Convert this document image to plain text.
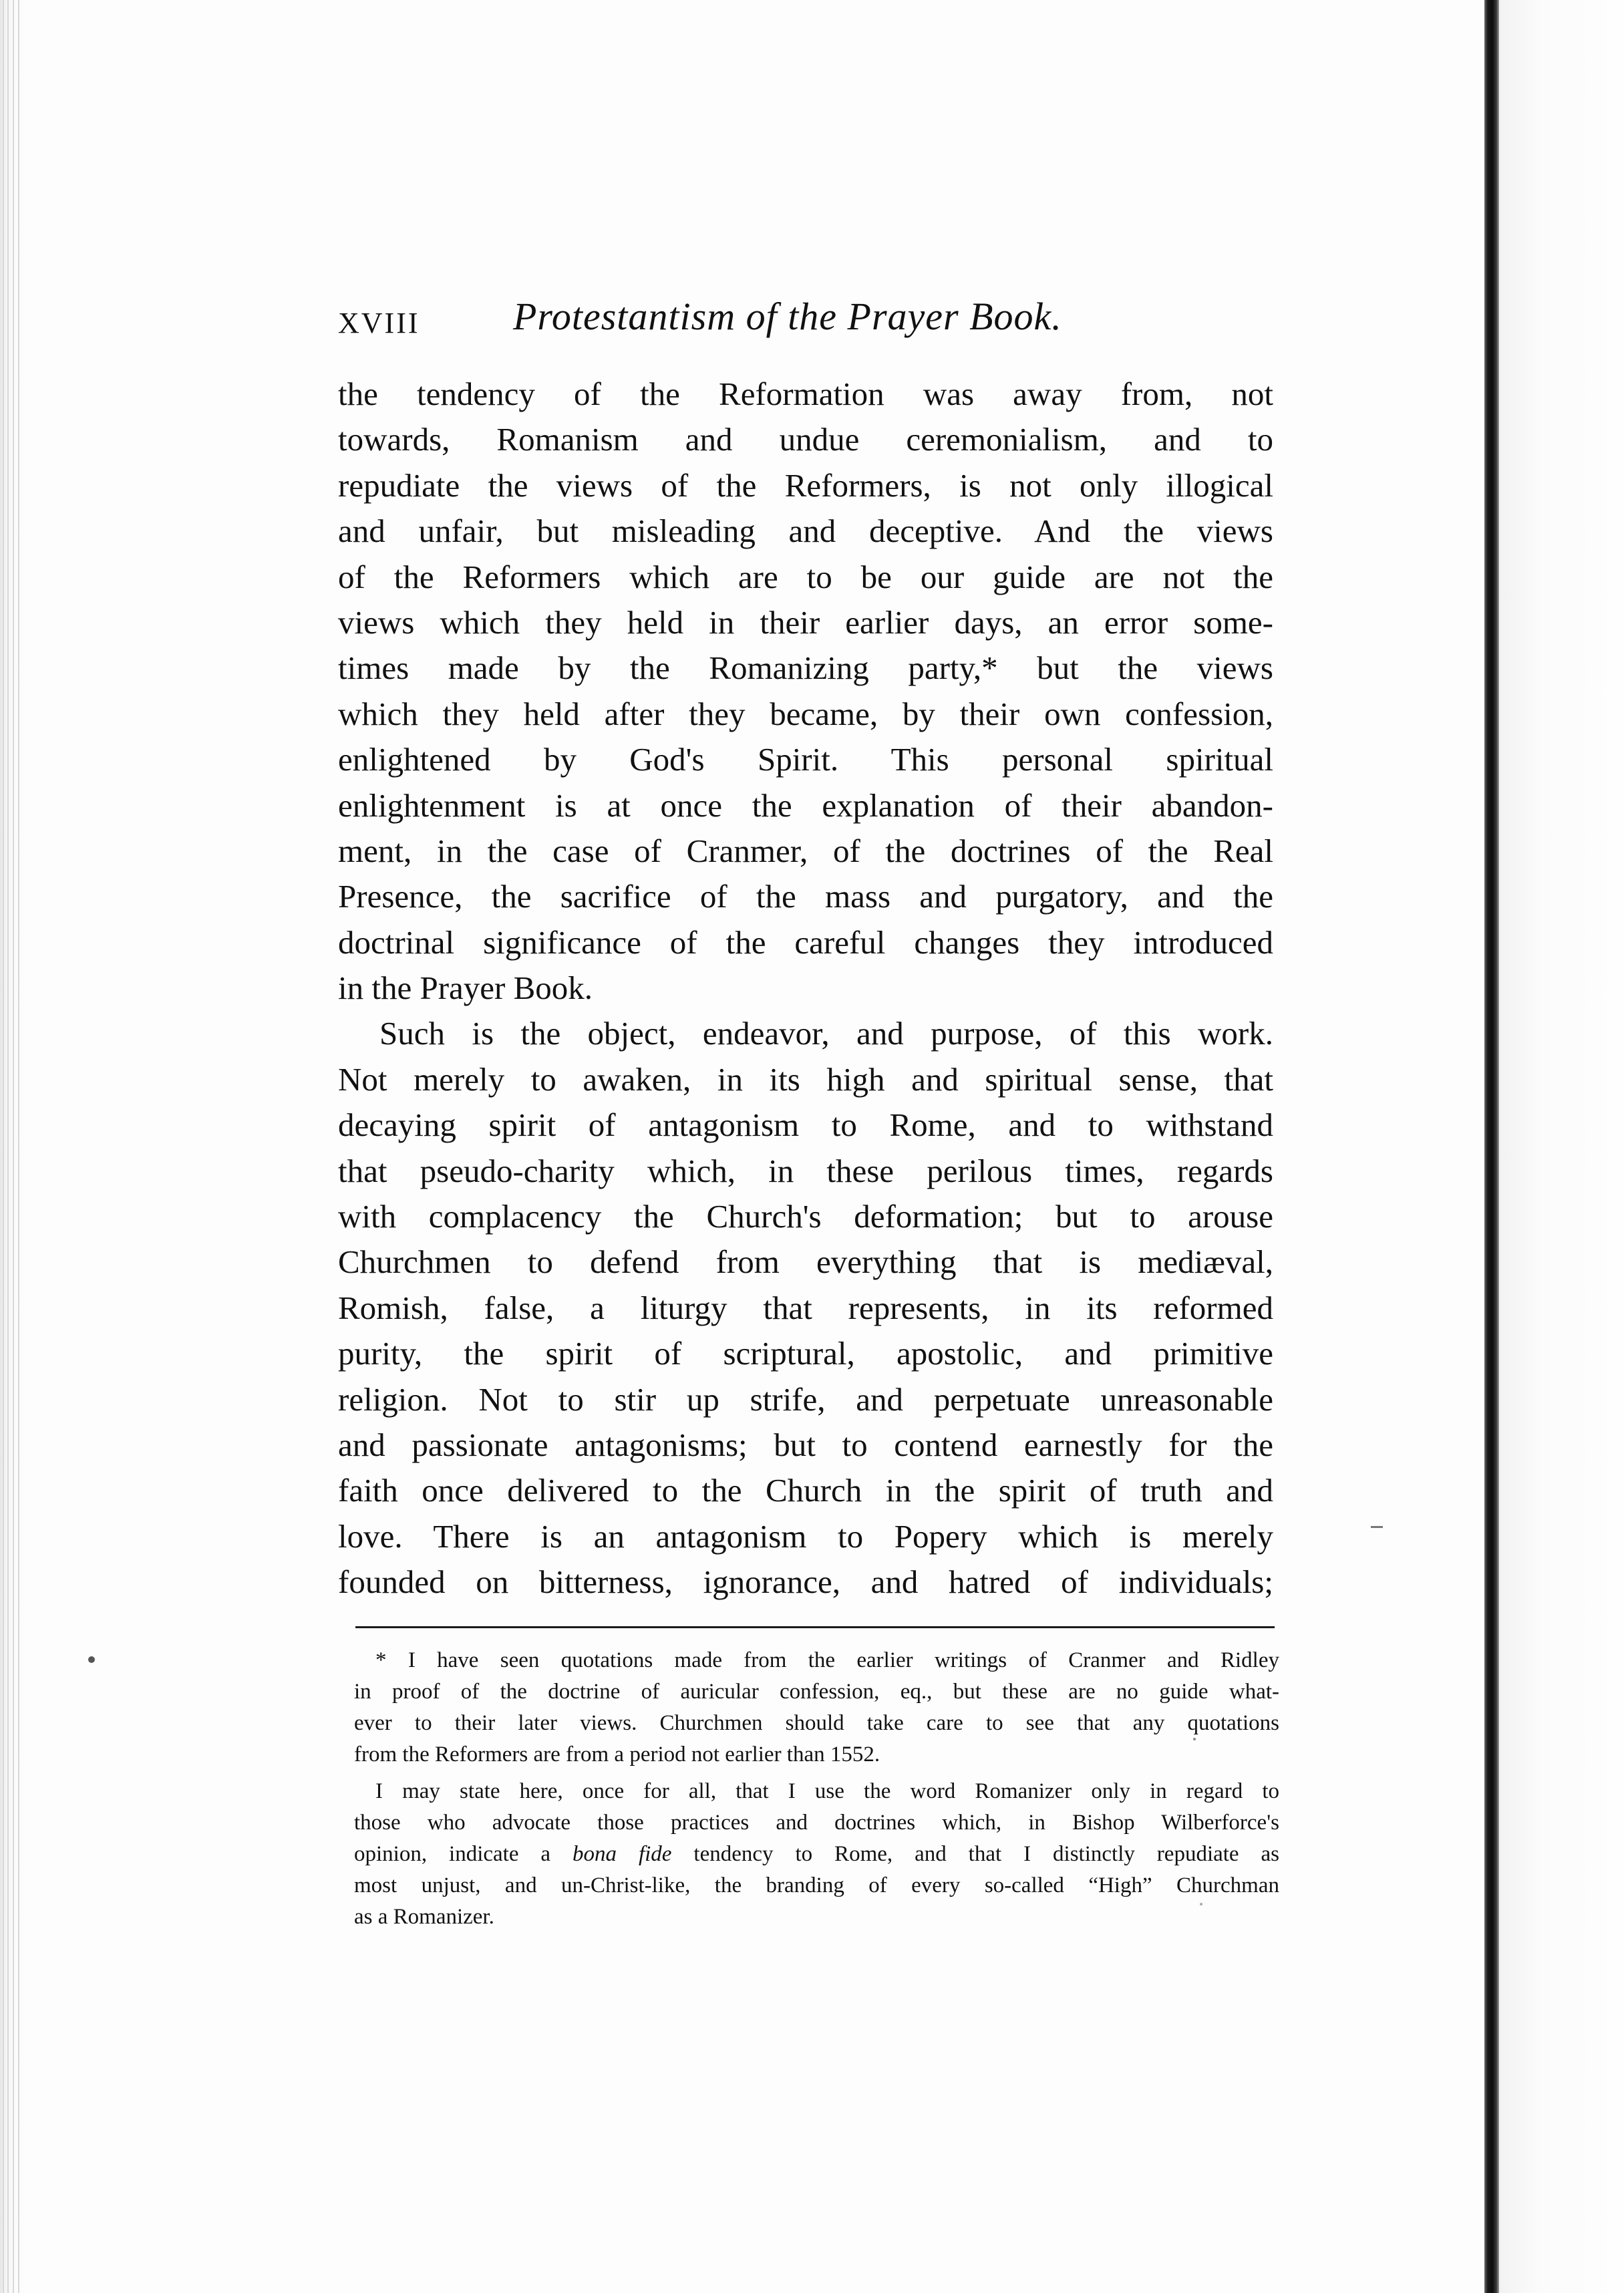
XVIII Protestantism of the Prayer Book.
the tendency of the Reformation was away from, not
towards, Romanism and undue ceremonialism, and to
repudiate the views of the Reformers, is not only illogical
and unfair, but misleading and deceptive. And the views
of the Reformers which are to be our guide are not the
views which they held in their earlier days, an error some-
times made by the Romanizing party,* but the views
which they held after they became, by their own confession,
enlightened by God's Spirit. This personal spiritual
enlightenment is at once the explanation of their abandon-
ment, in the case of Cranmer, of the doctrines of the Real
Presence, the sacrifice of the mass and purgatory, and the
doctrinal significance of the careful changes they introduced
in the Prayer Book.
Such is the object, endeavor, and purpose, of this work.
Not merely to awaken, in its high and spiritual sense, that
decaying spirit of antagonism to Rome, and to withstand
that pseudo-charity which, in these perilous times, regards
with complacency the Church's deformation; but to arouse
Churchmen to defend from everything that is mediæval,
Romish, false, a liturgy that represents, in its reformed
purity, the spirit of scriptural, apostolic, and primitive
religion. Not to stir up strife, and perpetuate unreasonable
and passionate antagonisms; but to contend earnestly for the
faith once delivered to the Church in the spirit of truth and
love. There is an antagonism to Popery which is merely
founded on bitterness, ignorance, and hatred of individuals;
* I have seen quotations made from the earlier writings of Cranmer and Ridley
in proof of the doctrine of auricular confession, eq., but these are no guide what-
ever to their later views. Churchmen should take care to see that any quotations
from the Reformers are from a period not earlier than 1552.
I may state here, once for all, that I use the word Romanizer only in regard to
those who advocate those practices and doctrines which, in Bishop Wilberforce's
opinion, indicate a bona fide tendency to Rome, and that I distinctly repudiate as
most unjust, and un-Christ-like, the branding of every so-called “High” Churchman
as a Romanizer.
